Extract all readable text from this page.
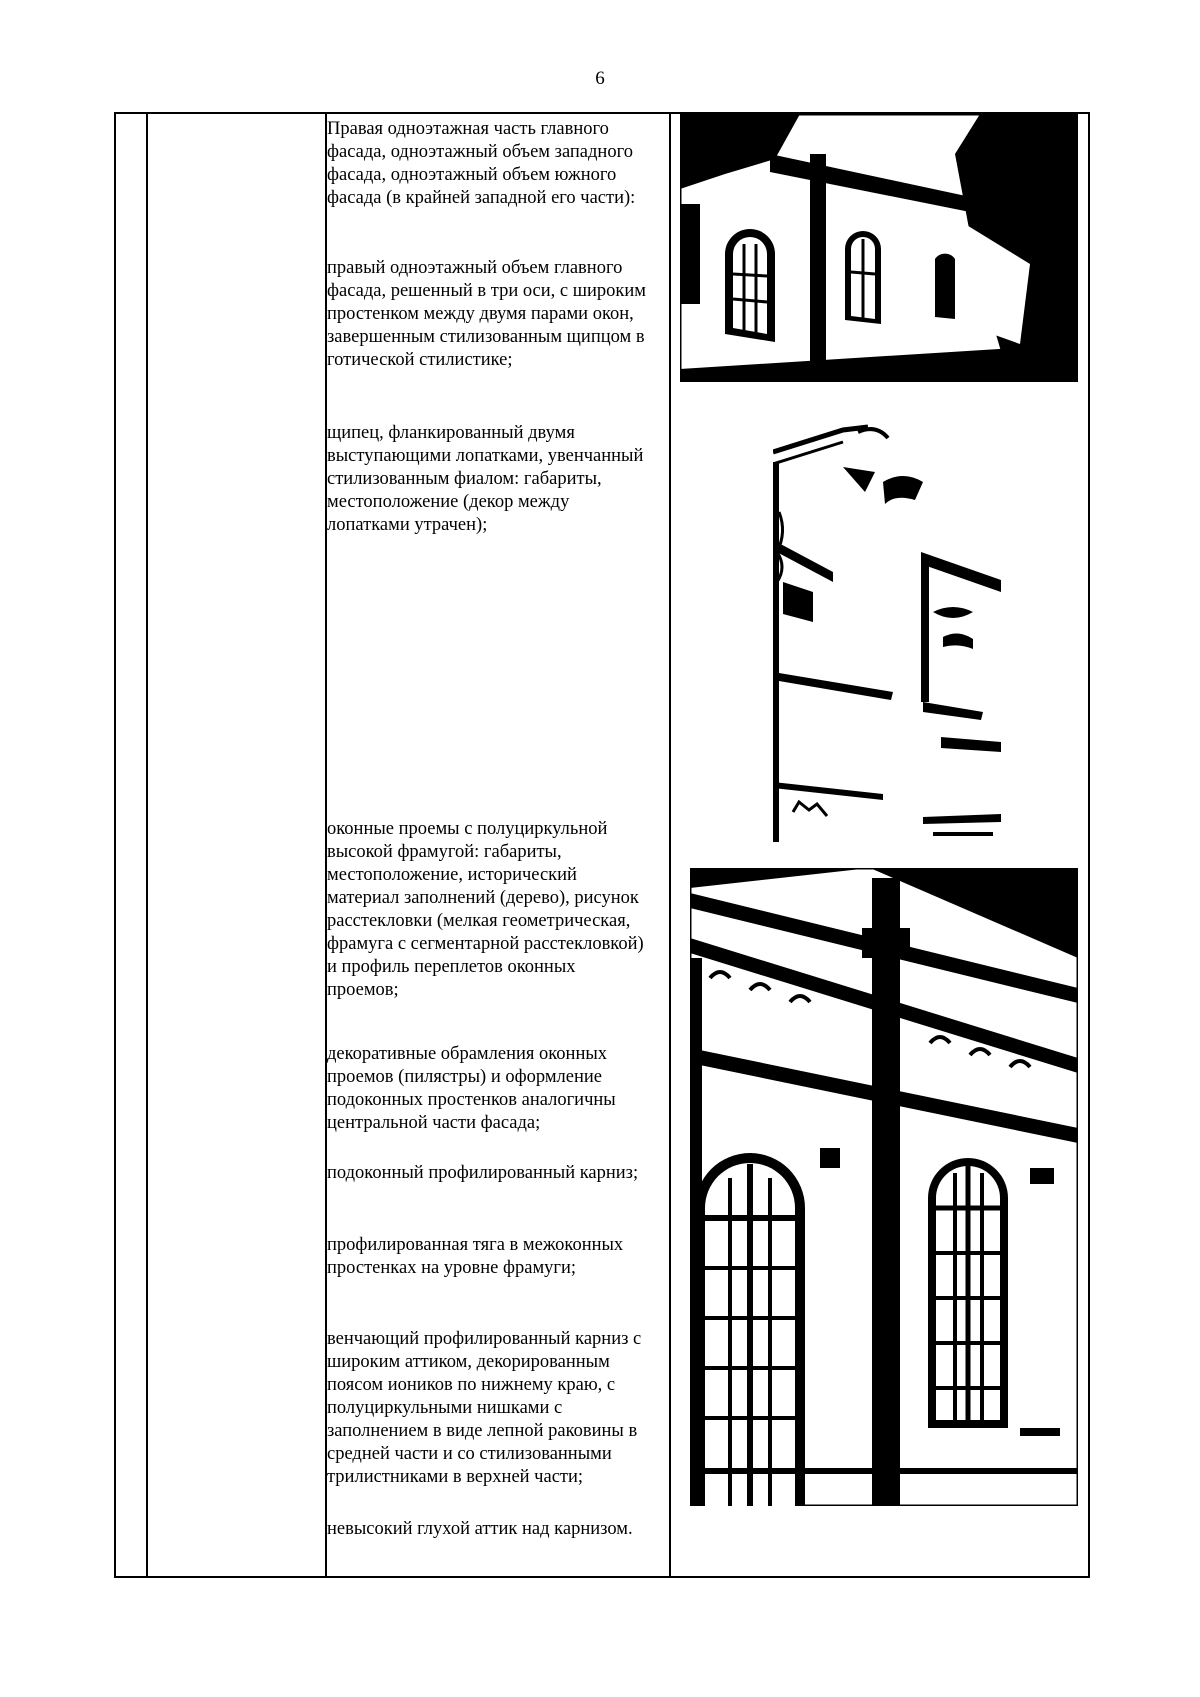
6

Правая одноэтажная часть главного фасада, одноэтажный объем западного фасада, одноэтажный объем южного фасада (в крайней западной его части):

правый одноэтажный объем главного фасада, решенный в три оси, с широким простенком между двумя парами окон, завершенным стилизованным щипцом в готической стилистике;

щипец, фланкированный двумя выступающими лопатками, увенчанный стилизованным фиалом: габариты, местоположение (декор между лопатками утрачен);

оконные проемы с полуциркульной высокой фрамугой: габариты, местоположение, исторический материал заполнений (дерево), рисунок расстекловки (мелкая геометрическая, фрамуга с сегментарной расстекловкой) и профиль переплетов оконных проемов;

декоративные обрамления оконных проемов (пилястры) и оформление подоконных простенков аналогичны центральной части фасада;

подоконный профилированный карниз;

профилированная тяга в межоконных простенках на уровне фрамуги;

венчающий профилированный карниз с широким аттиком, декорированным поясом иоников по нижнему краю, с полуциркульными нишками с заполнением в виде лепной раковины в средней части и со стилизованными трилистниками в верхней части;

невысокий глухой аттик над карнизом.
